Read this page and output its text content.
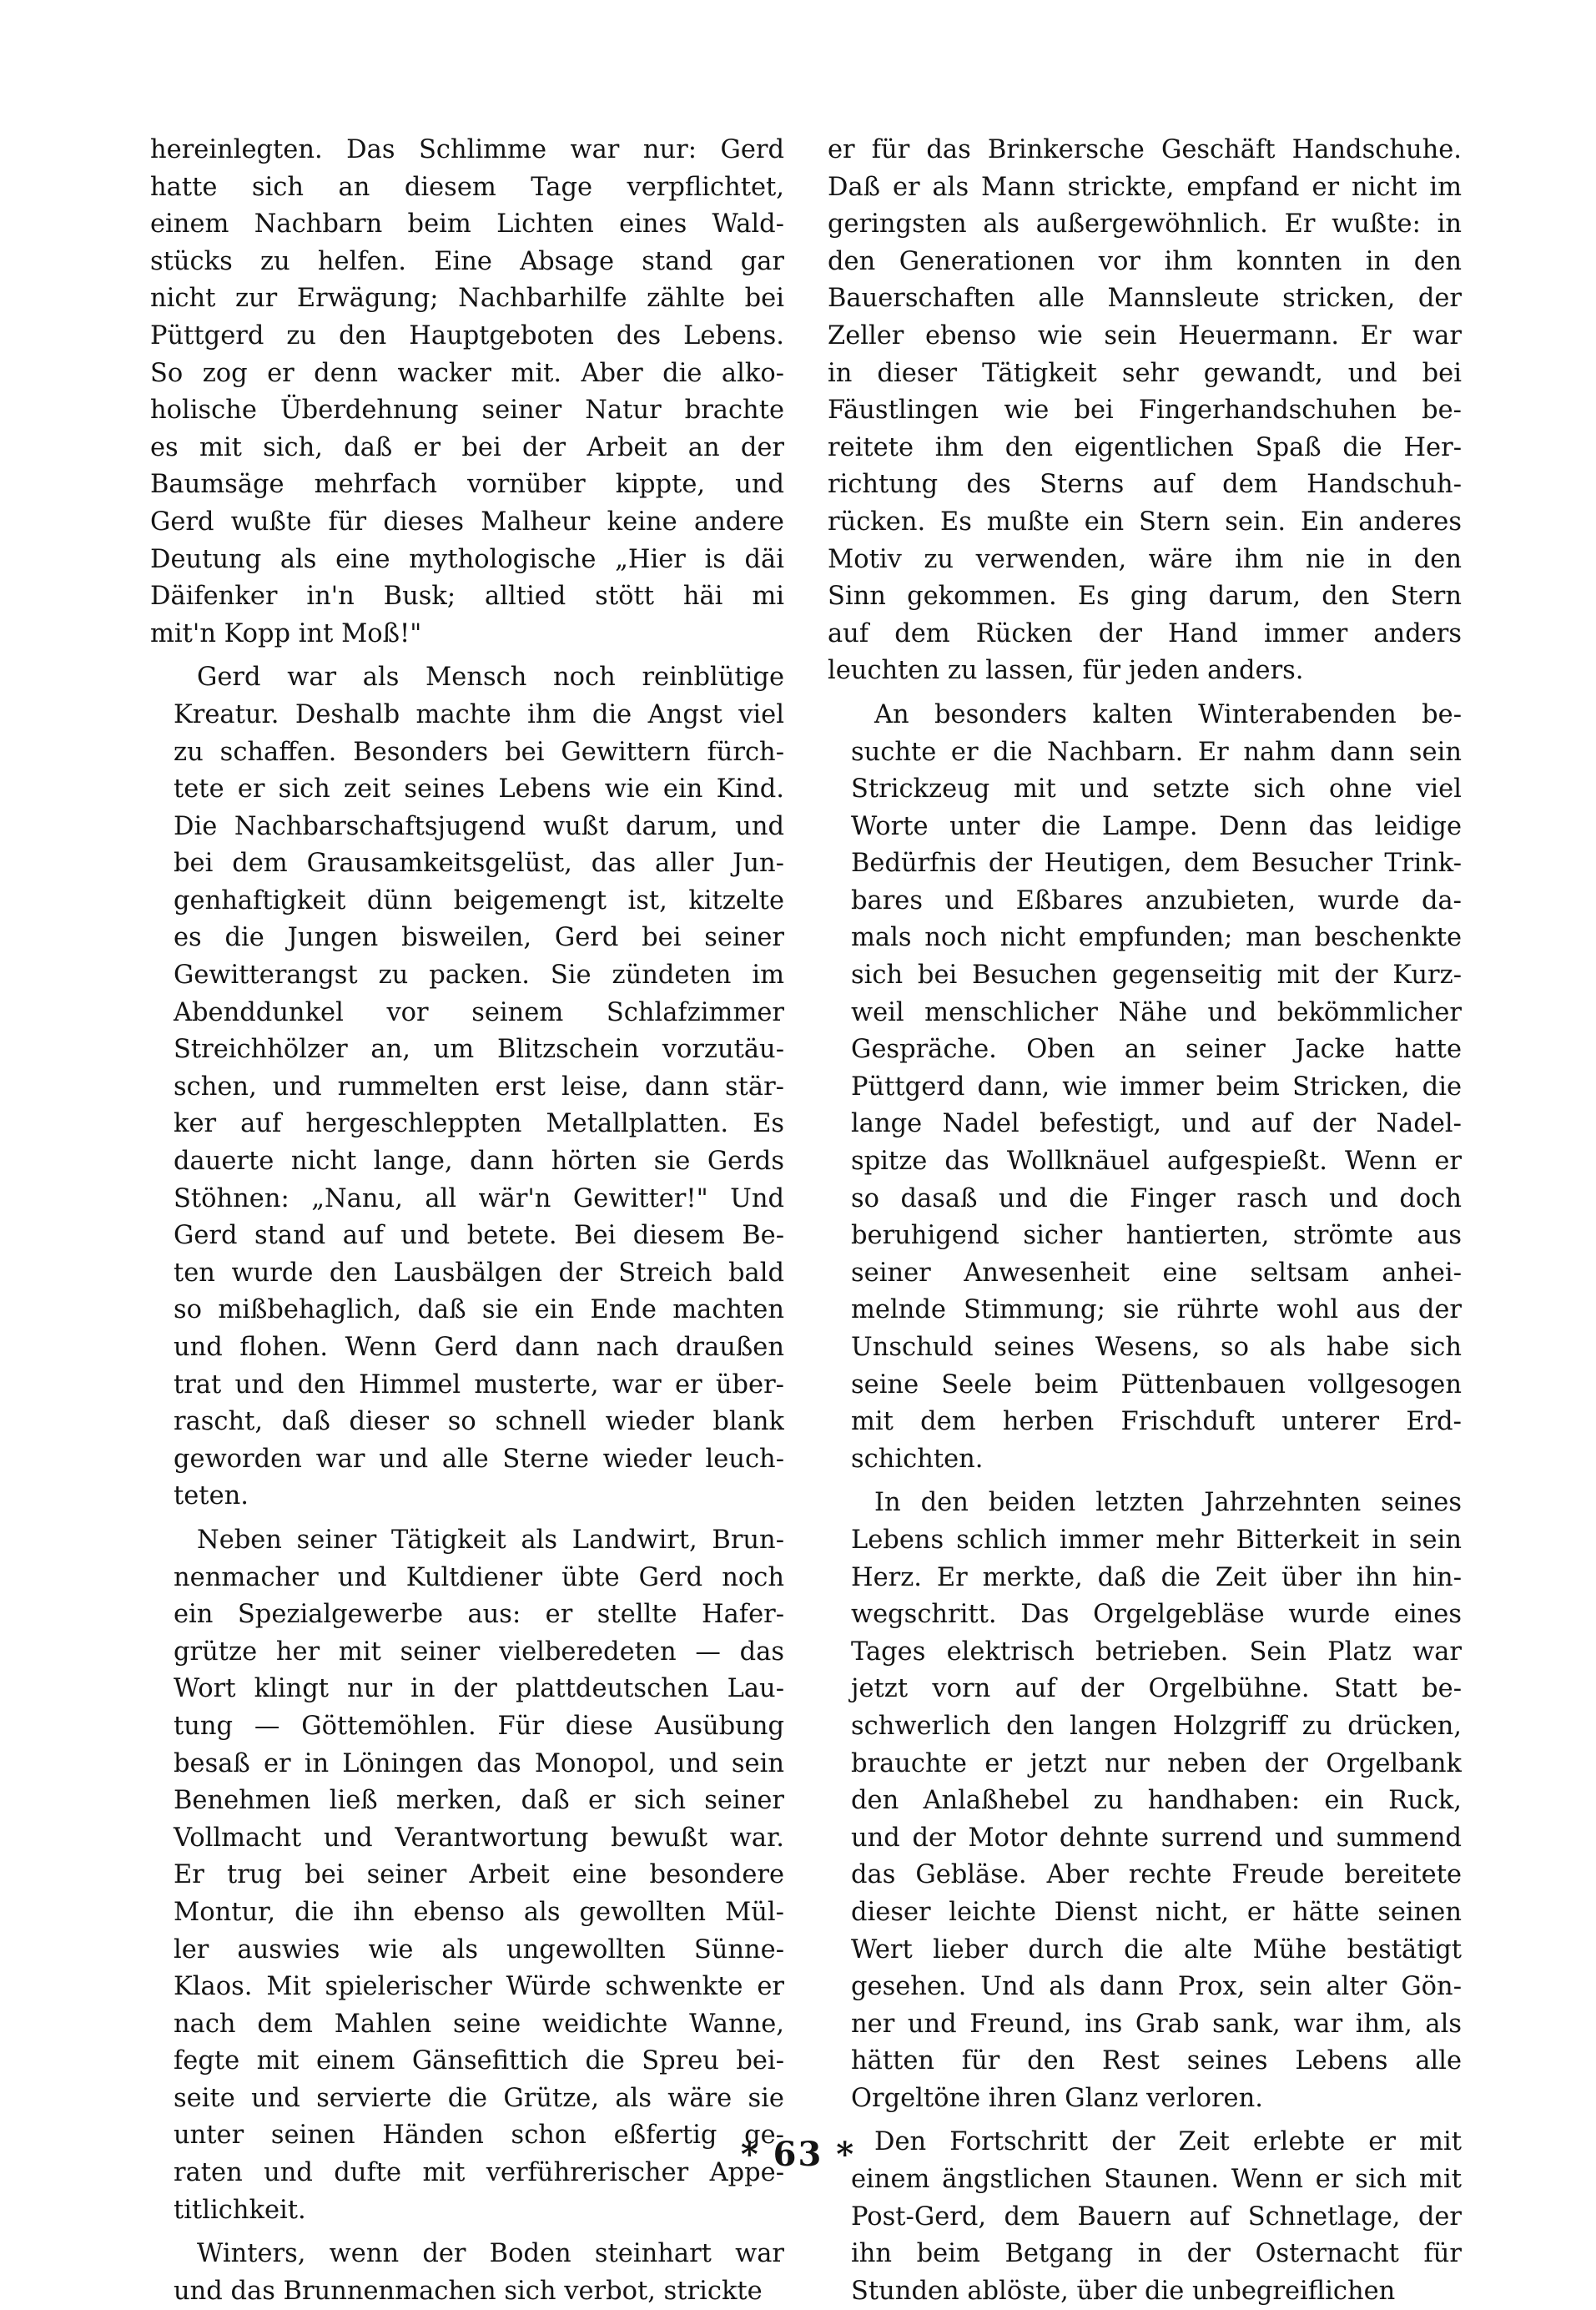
hereinlegten. Das Schlimme war nur: Gerd
hatte sich an diesem Tage verpflichtet,
einem Nachbarn beim Lichten eines Wald-
stücks zu helfen. Eine Absage stand gar
nicht zur Erwägung; Nachbarhilfe zählte bei
Püttgerd zu den Hauptgeboten des Lebens.
So zog er denn wacker mit. Aber die alko-
holische Überdehnung seiner Natur brachte
es mit sich, daß er bei der Arbeit an der
Baumsäge mehrfach vornüber kippte, und
Gerd wußte für dieses Malheur keine andere
Deutung als eine mythologische „Hier is däi
Däifenker in'n Busk; alltied stött häi mi
mit'n Kopp int Moß!"
Gerd war als Mensch noch reinblütige
Kreatur. Deshalb machte ihm die Angst viel
zu schaffen. Besonders bei Gewittern fürch-
tete er sich zeit seines Lebens wie ein Kind.
Die Nachbarschaftsjugend wußt darum, und
bei dem Grausamkeitsgelüst, das aller Jun-
genhaftigkeit dünn beigemengt ist, kitzelte
es die Jungen bisweilen, Gerd bei seiner
Gewitterangst zu packen. Sie zündeten im
Abenddunkel vor seinem Schlafzimmer
Streichhölzer an, um Blitzschein vorzutäu-
schen, und rummelten erst leise, dann stär-
ker auf hergeschleppten Metallplatten. Es
dauerte nicht lange, dann hörten sie Gerds
Stöhnen: „Nanu, all wär'n Gewitter!" Und
Gerd stand auf und betete. Bei diesem Be-
ten wurde den Lausbälgen der Streich bald
so mißbehaglich, daß sie ein Ende machten
und flohen. Wenn Gerd dann nach draußen
trat und den Himmel musterte, war er über-
rascht, daß dieser so schnell wieder blank
geworden war und alle Sterne wieder leuch-
teten.
Neben seiner Tätigkeit als Landwirt, Brun-
nenmacher und Kultdiener übte Gerd noch
ein Spezialgewerbe aus: er stellte Hafer-
grütze her mit seiner vielberedeten — das
Wort klingt nur in der plattdeutschen Lau-
tung — Göttemöhlen. Für diese Ausübung
besaß er in Löningen das Monopol, und sein
Benehmen ließ merken, daß er sich seiner
Vollmacht und Verantwortung bewußt war.
Er trug bei seiner Arbeit eine besondere
Montur, die ihn ebenso als gewollten Mül-
ler auswies wie als ungewollten Sünne-
Klaos. Mit spielerischer Würde schwenkte er
nach dem Mahlen seine weidichte Wanne,
fegte mit einem Gänsefittich die Spreu bei-
seite und servierte die Grütze, als wäre sie
unter seinen Händen schon eßfertig ge-
raten und dufte mit verführerischer Appe-
titlichkeit.
Winters, wenn der Boden steinhart war
und das Brunnenmachen sich verbot, strickte
er für das Brinkersche Geschäft Handschuhe.
Daß er als Mann strickte, empfand er nicht im
geringsten als außergewöhnlich. Er wußte: in
den Generationen vor ihm konnten in den
Bauerschaften alle Mannsleute stricken, der
Zeller ebenso wie sein Heuermann. Er war
in dieser Tätigkeit sehr gewandt, und bei
Fäustlingen wie bei Fingerhandschuhen be-
reitete ihm den eigentlichen Spaß die Her-
richtung des Sterns auf dem Handschuh-
rücken. Es mußte ein Stern sein. Ein anderes
Motiv zu verwenden, wäre ihm nie in den
Sinn gekommen. Es ging darum, den Stern
auf dem Rücken der Hand immer anders
leuchten zu lassen, für jeden anders.
An besonders kalten Winterabenden be-
suchte er die Nachbarn. Er nahm dann sein
Strickzeug mit und setzte sich ohne viel
Worte unter die Lampe. Denn das leidige
Bedürfnis der Heutigen, dem Besucher Trink-
bares und Eßbares anzubieten, wurde da-
mals noch nicht empfunden; man beschenkte
sich bei Besuchen gegenseitig mit der Kurz-
weil menschlicher Nähe und bekömmlicher
Gespräche. Oben an seiner Jacke hatte
Püttgerd dann, wie immer beim Stricken, die
lange Nadel befestigt, und auf der Nadel-
spitze das Wollknäuel aufgespießt. Wenn er
so dasaß und die Finger rasch und doch
beruhigend sicher hantierten, strömte aus
seiner Anwesenheit eine seltsam anhei-
melnde Stimmung; sie rührte wohl aus der
Unschuld seines Wesens, so als habe sich
seine Seele beim Püttenbauen vollgesogen
mit dem herben Frischduft unterer Erd-
schichten.
In den beiden letzten Jahrzehnten seines
Lebens schlich immer mehr Bitterkeit in sein
Herz. Er merkte, daß die Zeit über ihn hin-
wegschritt. Das Orgelgebläse wurde eines
Tages elektrisch betrieben. Sein Platz war
jetzt vorn auf der Orgelbühne. Statt be-
schwerlich den langen Holzgriff zu drücken,
brauchte er jetzt nur neben der Orgelbank
den Anlaßhebel zu handhaben: ein Ruck,
und der Motor dehnte surrend und summend
das Gebläse. Aber rechte Freude bereitete
dieser leichte Dienst nicht, er hätte seinen
Wert lieber durch die alte Mühe bestätigt
gesehen. Und als dann Prox, sein alter Gön-
ner und Freund, ins Grab sank, war ihm, als
hätten für den Rest seines Lebens alle
Orgeltöne ihren Glanz verloren.
Den Fortschritt der Zeit erlebte er mit
einem ängstlichen Staunen. Wenn er sich mit
Post-Gerd, dem Bauern auf Schnetlage, der
ihn beim Betgang in der Osternacht für
Stunden ablöste, über die unbegreiflichen
* 63 *
